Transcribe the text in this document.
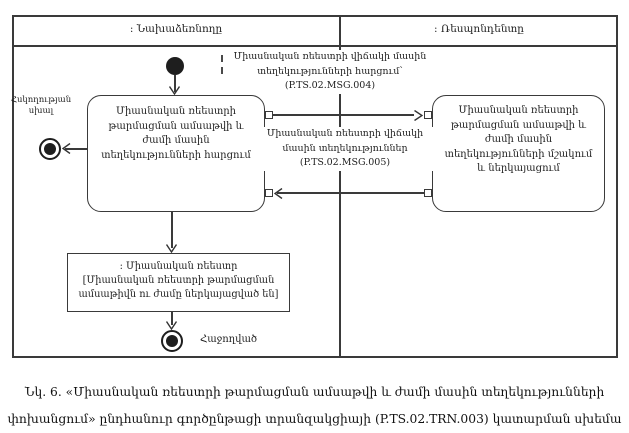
: Նախաձեռնողը	: Ռեսպոնդենտը
Միասնական ռեեստրի թարմացման ամսաթվի և ժամի մասին տեղեկությունների հարցում
Միասնական ռեեստրի թարմացման ամսաթվի և ժամի մասին տեղեկությունների մշակում և ներկայացում
Հսկողության սխալ
Միասնական ռեեստրի վիճակի մասին
տեղեկությունների հարցում՝
(P.TS.02.MSG.004)
Միասնական ռեեստրի վիճակի
մասին տեղեկություններ
(P.TS.02.MSG.005)
: Միասնական ռեեստր
[Միասնական ռեեստրի թարմացման ամսաթիվն ու ժամը ներկայացված են]
Հաջողված
Նկ. 6. «Միասնական ռեեստրի թարմացման ամսաթվի և ժամի մասին տեղեկությունների
փոխանցում» ընդհանուր գործընթացի տրանզակցիայի (P.TS.02.TRN.003) կատարման սխեմա
